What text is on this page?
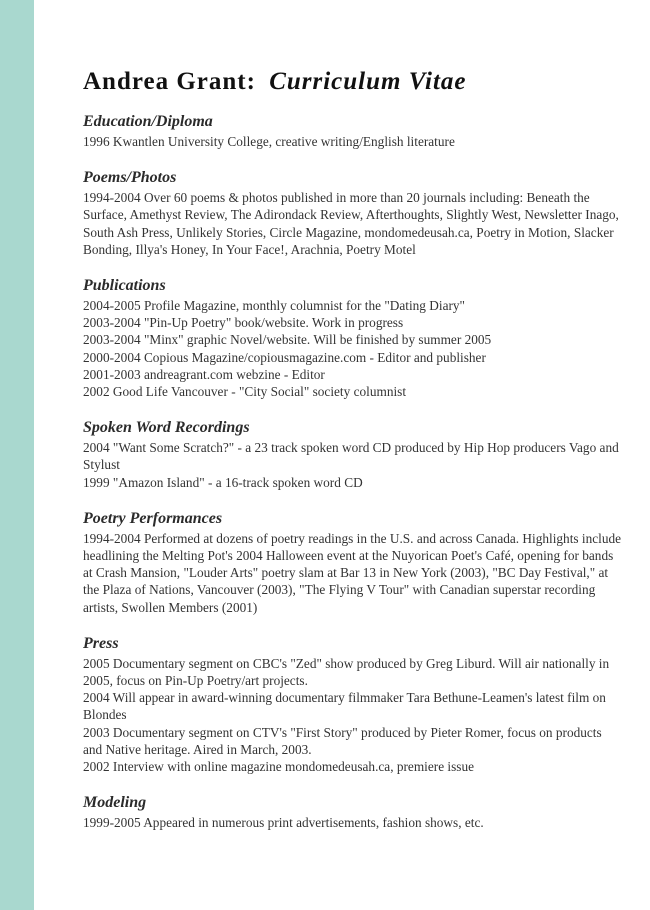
Andrea Grant: Curriculum Vitae
Education/Diploma

1996 Kwantlen University College, creative writing/English literature

Poems/Photos

1994-2004 Over 60 poems & photos published in more than 20 journals including: Beneath the Surface, Amethyst Review, The Adirondack Review, Afterthoughts, Slightly West, Newsletter Inago, South Ash Press, Unlikely Stories, Circle Magazine, mondomedeusah.ca, Poetry in Motion, Slacker Bonding, Illya's Honey, In Your Face!, Arachnia, Poetry Motel

Publications

2004-2005 Profile Magazine, monthly columnist for the "Dating Diary"

2003-2004 "Pin-Up Poetry" book/website. Work in progress

2003-2004 "Minx" graphic Novel/website. Will be finished by summer 2005

2000-2004 Copious Magazine/copiousmagazine.com - Editor and publisher

2001-2003 andreagrant.com webzine - Editor

2002 Good Life Vancouver - "City Social" society columnist

Spoken Word Recordings

2004 "Want Some Scratch?" - a 23 track spoken word CD produced by Hip Hop producers Vago and Stylust

1999 "Amazon Island" - a 16-track spoken word CD

Poetry Performances

1994-2004 Performed at dozens of poetry readings in the U.S. and across Canada. Highlights include headlining the Melting Pot's 2004 Halloween event at the Nuyorican Poet's Café, opening for bands at Crash Mansion, "Louder Arts" poetry slam at Bar 13 in New York (2003), "BC Day Festival," at the Plaza of Nations, Vancouver (2003), "The Flying V Tour" with Canadian superstar recording artists, Swollen Members (2001)

Press

2005 Documentary segment on CBC's "Zed" show produced by Greg Liburd. Will air nationally in 2005, focus on Pin-Up Poetry/art projects.

2004 Will appear in award-winning documentary filmmaker Tara Bethune-Leamen's latest film on Blondes

2003 Documentary segment on CTV's "First Story" produced by Pieter Romer, focus on products and Native heritage. Aired in March, 2003.

2002 Interview with online magazine mondomedeusah.ca, premiere issue

Modeling

1999-2005 Appeared in numerous print advertisements, fashion shows, etc.
